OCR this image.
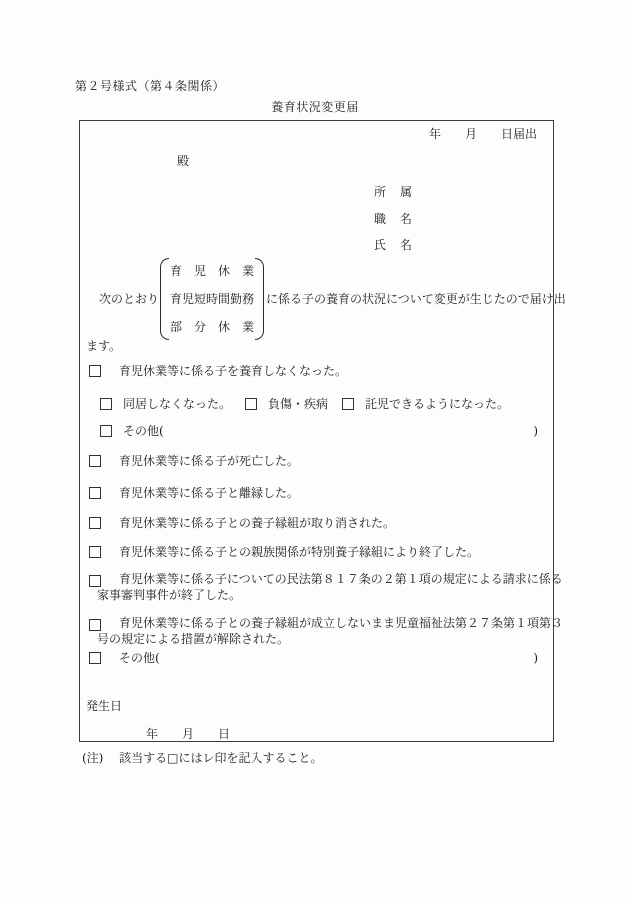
第２号様式（第４条関係）
養育状況変更届
年　　月　　日届出
殿
所　属
職　名
氏　名
次のとおり
育　児　休　業
育児短時間勤務
部　分　休　業
に係る子の養育の状況について変更が生じたので届け出
ます。
育児休業等に係る子を養育しなくなった。
同居しなくなった。	負傷・疾病	託児できるようになった。
その他(	)
育児休業等に係る子が死亡した。
育児休業等に係る子と離縁した。
育児休業等に係る子との養子縁組が取り消された。
育児休業等に係る子との親族関係が特別養子縁組により終了した。
育児休業等に係る子についての民法第８１７条の２第１項の規定による請求に係る
家事審判事件が終了した。
育児休業等に係る子との養子縁組が成立しないまま児童福祉法第２７条第１項第３
号の規定による措置が解除された。
その他(	)
発生日
年　　月　　日
(注)　 該当する□にはレ印を記入すること。
